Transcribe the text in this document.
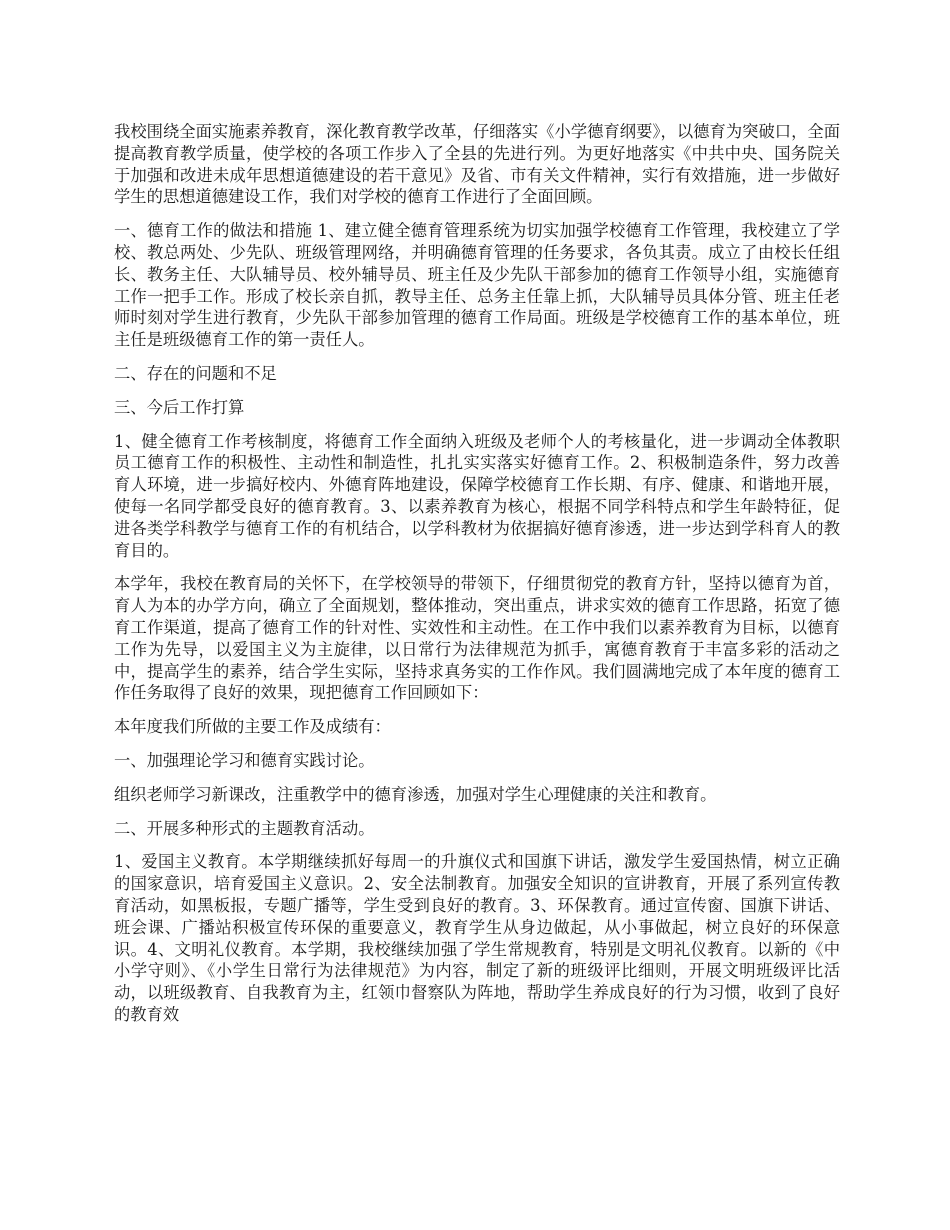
我校围绕全面实施素养教育，深化教育教学改革，仔细落实《小学德育纲要》，以德育为突破口，全面提高教育教学质量，使学校的各项工作步入了全县的先进行列。为更好地落实《中共中央、国务院关于加强和改进未成年思想道德建设的若干意见》及省、市有关文件精神，实行有效措施，进一步做好学生的思想道德建设工作，我们对学校的德育工作进行了全面回顾。

一、德育工作的做法和措施 1、建立健全德育管理系统为切实加强学校德育工作管理，我校建立了学校、教总两处、少先队、班级管理网络，并明确德育管理的任务要求，各负其责。成立了由校长任组长、教务主任、大队辅导员、校外辅导员、班主任及少先队干部参加的德育工作领导小组，实施德育工作一把手工作。形成了校长亲自抓，教导主任、总务主任靠上抓，大队辅导员具体分管、班主任老师时刻对学生进行教育，少先队干部参加管理的德育工作局面。班级是学校德育工作的基本单位，班主任是班级德育工作的第一责任人。

二、存在的问题和不足

三、今后工作打算

1、健全德育工作考核制度，将德育工作全面纳入班级及老师个人的考核量化，进一步调动全体教职员工德育工作的积极性、主动性和制造性，扎扎实实落实好德育工作。2、积极制造条件，努力改善育人环境，进一步搞好校内、外德育阵地建设，保障学校德育工作长期、有序、健康、和谐地开展，使每一名同学都受良好的德育教育。3、以素养教育为核心，根据不同学科特点和学生年龄特征，促进各类学科教学与德育工作的有机结合，以学科教材为依据搞好德育渗透，进一步达到学科育人的教育目的。

本学年，我校在教育局的关怀下，在学校领导的带领下，仔细贯彻党的教育方针，坚持以德育为首，育人为本的办学方向，确立了全面规划，整体推动，突出重点，讲求实效的德育工作思路，拓宽了德育工作渠道，提高了德育工作的针对性、实效性和主动性。在工作中我们以素养教育为目标，以德育工作为先导，以爱国主义为主旋律，以日常行为法律规范为抓手，寓德育教育于丰富多彩的活动之中，提高学生的素养，结合学生实际，坚持求真务实的工作作风。我们圆满地完成了本年度的德育工作任务取得了良好的效果，现把德育工作回顾如下：

本年度我们所做的主要工作及成绩有：

一、加强理论学习和德育实践讨论。

组织老师学习新课改，注重教学中的德育渗透，加强对学生心理健康的关注和教育。

二、开展多种形式的主题教育活动。

1、爱国主义教育。本学期继续抓好每周一的升旗仪式和国旗下讲话，激发学生爱国热情，树立正确的国家意识，培育爱国主义意识。2、安全法制教育。加强安全知识的宣讲教育，开展了系列宣传教育活动，如黑板报，专题广播等，学生受到良好的教育。3、环保教育。通过宣传窗、国旗下讲话、班会课、广播站积极宣传环保的重要意义，教育学生从身边做起，从小事做起，树立良好的环保意识。4、文明礼仪教育。本学期，我校继续加强了学生常规教育，特别是文明礼仪教育。以新的《中小学守则》、《小学生日常行为法律规范》为内容，制定了新的班级评比细则，开展文明班级评比活动，以班级教育、自我教育为主，红领巾督察队为阵地，帮助学生养成良好的行为习惯，收到了良好的教育效
